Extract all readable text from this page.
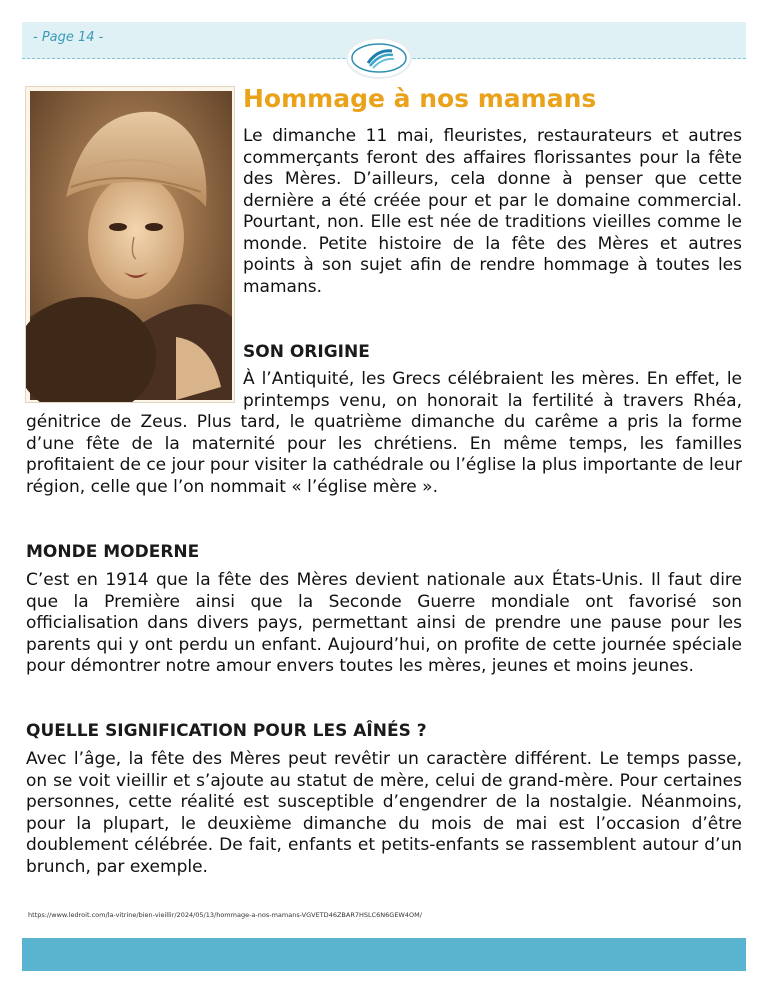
- Page 14 -
Hommage à nos mamans

Le dimanche 11 mai, fleuristes, restaurateurs et autres commerçants feront des affaires florissantes pour la fête des Mères. D’ailleurs, cela donne à penser que cette dernière a été créée pour et par le domaine commercial. Pourtant, non. Elle est née de traditions vieilles comme le monde. Petite histoire de la fête des Mères et autres points à son sujet afin de rendre hommage à toutes les mamans.

SON ORIGINE

À l’Antiquité, les Grecs célébraient les mères. En effet, le printemps venu, on honorait la fertilité à travers Rhéa, génitrice de Zeus. Plus tard, le quatrième dimanche du carême a pris la forme d’une fête de la maternité pour les chrétiens. En même temps, les familles profitaient de ce jour pour visiter la cathédrale ou l’église la plus importante de leur région, celle que l’on nommait « l’église mère ».

MONDE MODERNE

C’est en 1914 que la fête des Mères devient nationale aux États-Unis. Il faut dire que la Première ainsi que la Seconde Guerre mondiale ont favorisé son officialisation dans divers pays, permettant ainsi de prendre une pause pour les parents qui y ont perdu un enfant. Aujourd’hui, on profite de cette journée spéciale pour démontrer notre amour envers toutes les mères, jeunes et moins jeunes.

QUELLE SIGNIFICATION POUR LES AÎNÉS ?

Avec l’âge, la fête des Mères peut revêtir un caractère différent. Le temps passe, on se voit vieillir et s’ajoute au statut de mère, celui de grand-mère. Pour certaines personnes, cette réalité est susceptible d’engendrer de la nostalgie. Néanmoins, pour la plupart, le deuxième dimanche du mois de mai est l’occasion d’être doublement célébrée. De fait, enfants et petits-enfants se rassemblent autour d’un brunch, par exemple.

https://www.ledroit.com/la-vitrine/bien-vieillir/2024/05/13/hommage-a-nos-mamans-VGVETD46ZBAR7HSLC6N6GEW4OM/
